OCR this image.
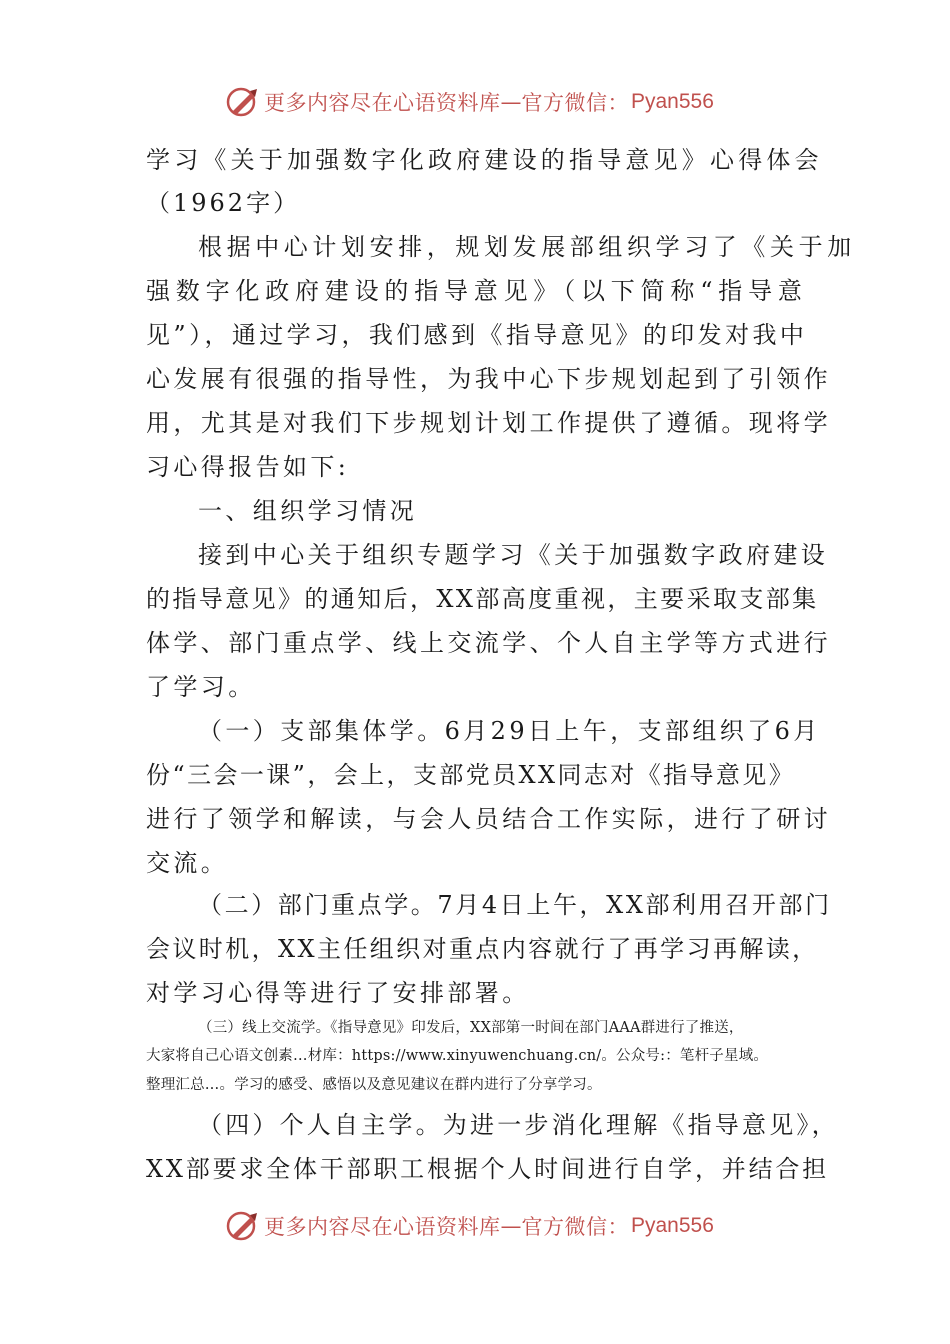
更多内容尽在心语资料库 — 官方微信： Pyan556
学习《关于加强数字化政府建设的指导意见》心得体会
（1962字）
根据中心计划安排，规划发展部组织学习了《关于加
强数字化政府建设的指导意见》（以下简称“指导意
见”），通过学习，我们感到《指导意见》的印发对我中
心发展有很强的指导性，为我中心下步规划起到了引领作
用，尤其是对我们下步规划计划工作提供了遵循。现将学
习心得报告如下:
一、组织学习情况
接到中心关于组织专题学习《关于加强数字政府建设
的指导意见》的通知后，XX部高度重视，主要采取支部集
体学、部门重点学、线上交流学、个人自主学等方式进行
了学习。
（一）支部集体学。6月29日上午，支部组织了6月
份“三会一课”，会上，支部党员XX同志对《指导意见》
进行了领学和解读，与会人员结合工作实际，进行了研讨
交流。
（二）部门重点学。7月4日上午，XX部利用召开部门
会议时机，XX主任组织对重点内容就行了再学习再解读，
对学习心得等进行了安排部署。
（三）线上交流学。《指导意见》印发后，XX部第一时间在部门AAA群进行了推送，
大家将自己心语文创素…材库：https://www.xinyuwenchuang.cn/。公众号:：笔杆子星域。
整理汇总…。学习的感受、感悟以及意见建议在群内进行了分享学习。
（四）个人自主学。为进一步消化理解《指导意见》，
XX部要求全体干部职工根据个人时间进行自学，并结合担
更多内容尽在心语资料库 — 官方微信： Pyan556
